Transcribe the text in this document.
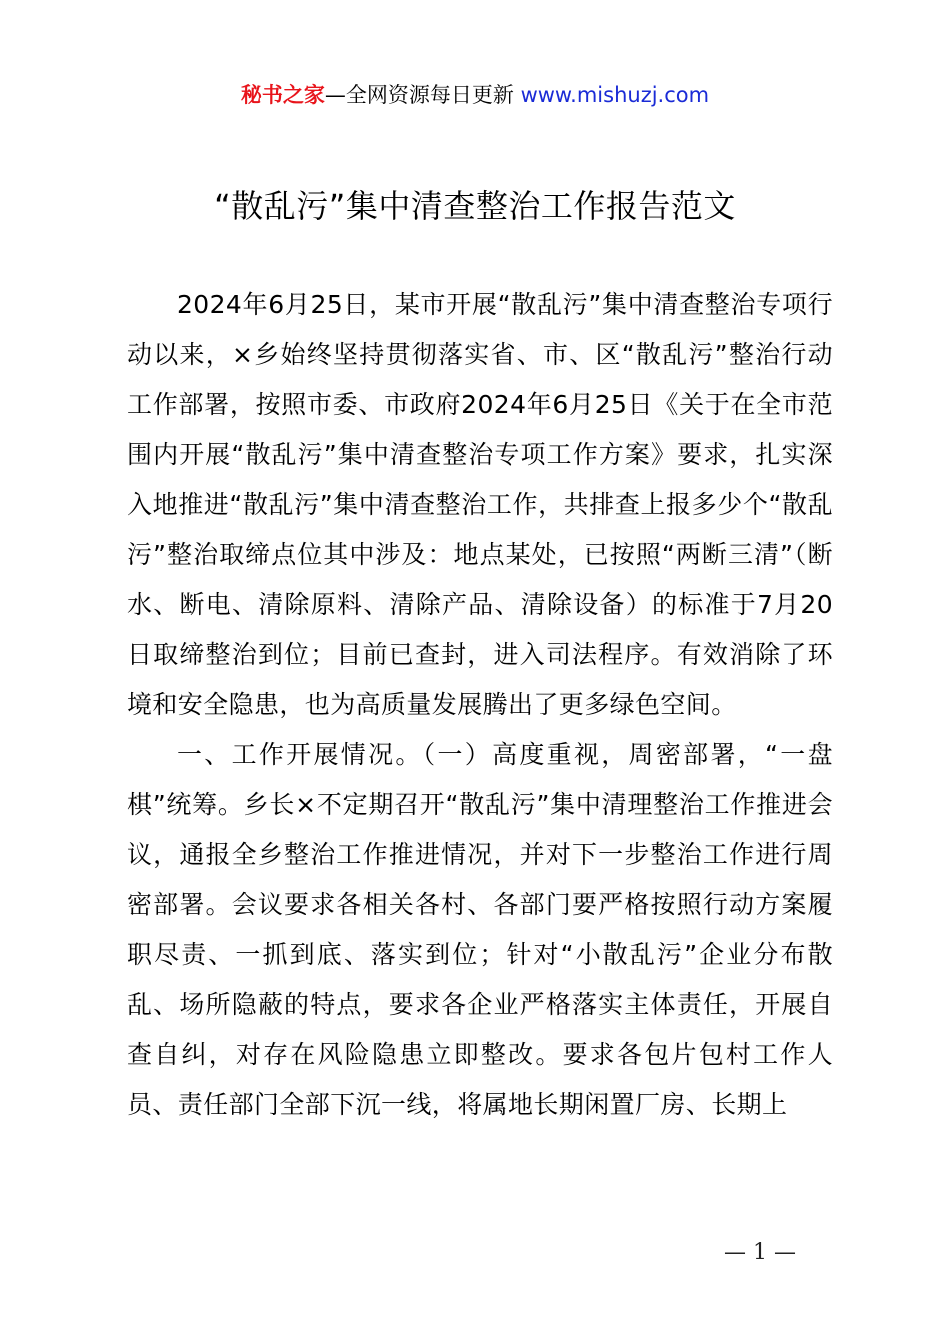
秘书之家—全网资源每日更新 www.mishuzj.com
“散乱污”集中清查整治工作报告范文

2024年6月25日，某市开展“散乱污”集中清查整治专项行动以来，×乡始终坚持贯彻落实省、市、区“散乱污”整治行动工作部署，按照市委、市政府2024年6月25日《关于在全市范围内开展“散乱污”集中清查整治专项工作方案》要求，扎实深入地推进“散乱污”集中清查整治工作，共排查上报多少个“散乱污”整治取缔点位其中涉及：地点某处，已按照“两断三清”（断水、断电、清除原料、清除产品、清除设备）的标准于7月20日取缔整治到位；目前已查封，进入司法程序。有效消除了环境和安全隐患，也为高质量发展腾出了更多绿色空间。

一、工作开展情况。（一）高度重视，周密部署，“一盘棋”统筹。乡长×不定期召开“散乱污”集中清理整治工作推进会议，通报全乡整治工作推进情况，并对下一步整治工作进行周密部署。会议要求各相关各村、各部门要严格按照行动方案履职尽责、一抓到底、落实到位；针对“小散乱污”企业分布散乱、场所隐蔽的特点，要求各企业严格落实主体责任，开展自查自纠，对存在风险隐患立即整改。要求各包片包村工作人员、责任部门全部下沉一线，将属地长期闲置厂房、长期上

— 1 —
